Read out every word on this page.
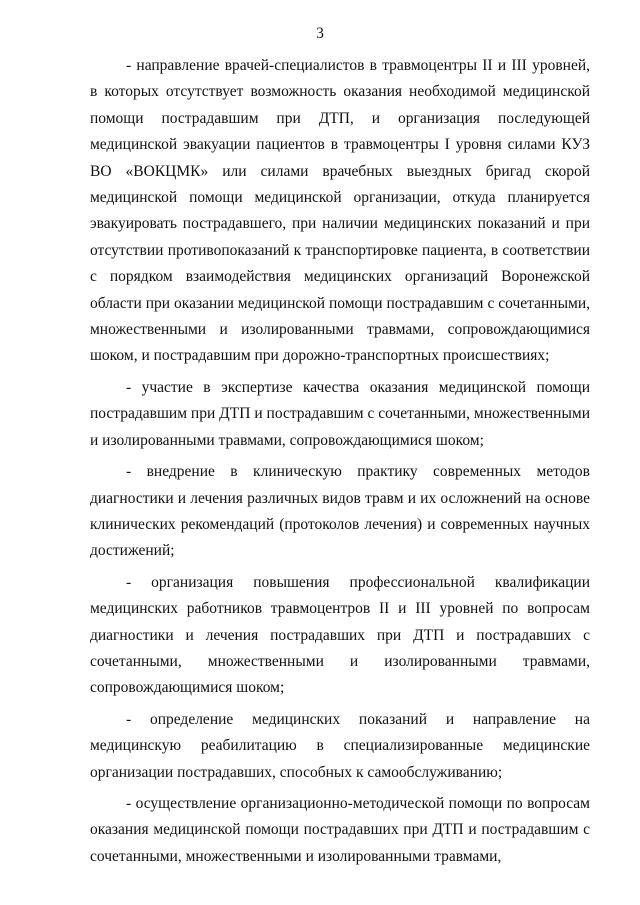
3

- направление врачей-специалистов в травмоцентры II и III уровней, в которых отсутствует возможность оказания необходимой медицинской помощи пострадавшим при ДТП, и организация последующей медицинской эвакуации пациентов в травмоцентры I уровня силами КУЗ ВО «ВОКЦМК» или силами врачебных выездных бригад скорой медицинской помощи медицинской организации, откуда планируется эвакуировать пострадавшего, при наличии медицинских показаний и при отсутствии противопоказаний к транспортировке пациента, в соответствии с порядком взаимодействия медицинских организаций Воронежской области при оказании медицинской помощи пострадавшим с сочетанными, множественными и изолированными травмами, сопровождающимися шоком, и пострадавшим при дорожно-транспортных происшествиях;

- участие в экспертизе качества оказания медицинской помощи пострадавшим при ДТП и пострадавшим с сочетанными, множественными и изолированными травмами, сопровождающимися шоком;

- внедрение в клиническую практику современных методов диагностики и лечения различных видов травм и их осложнений на основе клинических рекомендаций (протоколов лечения) и современных научных достижений;

- организация повышения профессиональной квалификации медицинских работников травмоцентров II и III уровней по вопросам диагностики и лечения пострадавших при ДТП и пострадавших с сочетанными, множественными и изолированными травмами, сопровождающимися шоком;

- определение медицинских показаний и направление на медицинскую реабилитацию в специализированные медицинские организации пострадавших, способных к самообслуживанию;

- осуществление организационно-методической помощи по вопросам оказания медицинской помощи пострадавших при ДТП и пострадавшим с сочетанными, множественными и изолированными травмами,
